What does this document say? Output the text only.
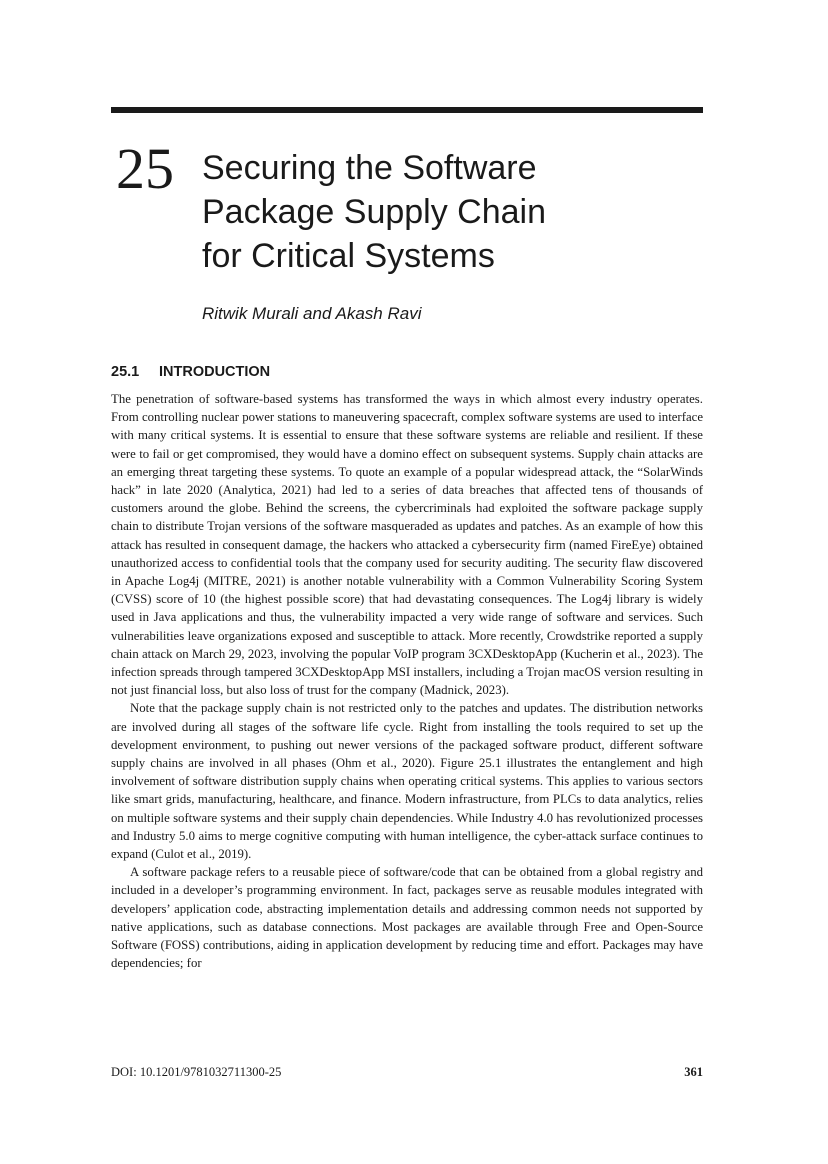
25 Securing the Software
Package Supply Chain
for Critical Systems
Ritwik Murali and Akash Ravi
25.1 INTRODUCTION

The penetration of software-based systems has transformed the ways in which almost every industry operates. From controlling nuclear power stations to maneuvering spacecraft, complex software systems are used to interface with many critical systems. It is essential to ensure that these software systems are reliable and resilient. If these were to fail or get compromised, they would have a domino effect on subsequent systems. Supply chain attacks are an emerging threat targeting these systems. To quote an example of a popular widespread attack, the “SolarWinds hack” in late 2020 (Analytica, 2021) had led to a series of data breaches that affected tens of thousands of customers around the globe. Behind the screens, the cybercriminals had exploited the software package supply chain to distribute Trojan versions of the software masqueraded as updates and patches. As an example of how this attack has resulted in consequent damage, the hackers who attacked a cybersecurity firm (named FireEye) obtained unauthorized access to confidential tools that the company used for security auditing. The security flaw discovered in Apache Log4j (MITRE, 2021) is another notable vulnerability with a Common Vulnerability Scoring System (CVSS) score of 10 (the highest possible score) that had devastating consequences. The Log4j library is widely used in Java applications and thus, the vulnerability impacted a very wide range of software and services. Such vulnerabilities leave organizations exposed and susceptible to attack. More recently, Crowdstrike reported a supply chain attack on March 29, 2023, involving the popular VoIP program 3CXDesktopApp (Kucherin et al., 2023). The infection spreads through tampered 3CXDesktopApp MSI installers, including a Trojan macOS version resulting in not just financial loss, but also loss of trust for the company (Madnick, 2023).

Note that the package supply chain is not restricted only to the patches and updates. The distribution networks are involved during all stages of the software life cycle. Right from installing the tools required to set up the development environment, to pushing out newer versions of the packaged software product, different software supply chains are involved in all phases (Ohm et al., 2020). Figure 25.1 illustrates the entanglement and high involvement of software distribution supply chains when operating critical systems. This applies to various sectors like smart grids, manufacturing, healthcare, and finance. Modern infrastructure, from PLCs to data analytics, relies on multiple software systems and their supply chain dependencies. While Industry 4.0 has revolutionized processes and Industry 5.0 aims to merge cognitive computing with human intelligence, the cyber-attack surface continues to expand (Culot et al., 2019).

A software package refers to a reusable piece of software/code that can be obtained from a global registry and included in a developer’s programming environment. In fact, packages serve as reusable modules integrated with developers’ application code, abstracting implementation details and addressing common needs not supported by native applications, such as database connections. Most packages are available through Free and Open-Source Software (FOSS) contributions, aiding in application development by reducing time and effort. Packages may have dependencies; for

DOI: 10.1201/9781032711300-25	361
